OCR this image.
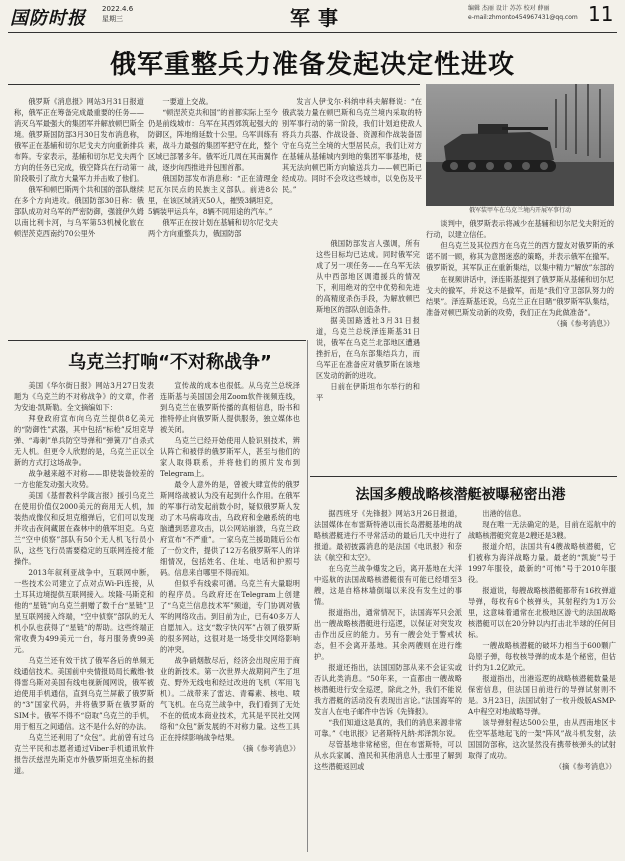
国防时报 2022.4.6
星期三	军事	编辑 杰丽 设计 苏苏 校对 薛丽
e-mail:zhmonto454967431@qq.com 11
俄军重整兵力准备发起决定性进攻

俄罗斯《消息报》网站3月31日报道称，俄军正在筹备完成最重要的任务——消灭乌军最强大的集团军并解放顿巴斯全境。俄罗斯国防部3月30日发布消息称，俄军正在基辅和切尔尼戈夫方向重新排兵布阵。专家表示，基辅和切尔尼戈夫两个方向的任务已完成，俄空降兵在行动第一阶段吸引了敌方大量军力并击败了他们。

俄军和顿巴斯两个共和国的部队继续在多个方向进攻。俄国防部30日称：俄部队成功对乌军的严密防御，强渡伊久姆以南比利卡河，与乌军第53机械化旅在顿涅茨克西南约70公里外

一要道上交战。

“顿涅茨克共和国”的首都实际上至今仍是前线城市：乌军在其西郊筑起强大的防御区，阵地绵延数十公里。乌军训练有素，战斗力最强的集团军把守在此，整个区域已部署多年。俄军近几周在其南翼作战，逐步向西推进并包围首都。

俄国防部发布消息称：“正在清理金尼瓦尔民点的民族主义部队。前进8公里，在该区域消灭50人，摧毁3辆坦克，5辆装甲运兵车，8辆不同用途的汽车。”

俄军正在按计划在基辅和切尔尼戈夫两个方向重整兵力，俄国防部

发言人伊戈尔·科纳申科夫解释说：“在俄武装力量在顿巴斯和乌克兰境内采取的特别军事行动的第一阶段，我们计划迫使敌人将兵力兵器、作战设备、资源和作战装备固守在乌克兰全境的大型居民点，我们让对方在基辅从基辅城内到地的集团军事基地，使其无法向顿巴斯方向输送兵力——顿巴斯已经成功。同时不会攻这些城市，以免伤及平民。”

俄军装甲车在乌克兰境内开展军事行动

谈判中，俄罗斯表示将减少在基辅和切尔尼戈夫附近的行动，以建立信任。

但乌克兰及其位西方在乌克兰的西方盟友对俄罗斯的承诺不屑一顾，称其为意图迷惑的策略，并表示俄军在撤军。俄罗斯说，其军队正在重新集结，以集中精力“解放”东部的

俄国防部发言人强调，所有这些目标均已达成。同时俄军完成了另一项任务——在乌军无法从中西部地区调遣援兵的情况下，利用绝对的空中优势和先进的高精度杀伤手段，为解放顿巴斯地区的部队创造条件。

据美国路透社3月31日报道，乌克兰总统泽连斯基31日说，俄军在乌克兰北部地区遭遇挫折后，在乌东部集结兵力，而乌军正在准备应对俄罗斯在该地区发动的新的进攻。

日前在伊斯坦布尔举行的和平

在视频讲话中，泽连斯基提到了俄罗斯从基辅和切尔尼戈夫的撤军，并说这不是撤军，而是“我们守卫部队努力的结果”。泽连斯基还说，乌克兰正在目睹“俄罗斯军队集结，准备对顿巴斯发动新的攻势，我们正在为此做准备”。

（摘《参考消息》）

乌克兰打响“不对称战争”

美国《华尔街日报》网站3月27日发表题为《乌克兰的不对称战争》的文章，作者为安迪·凯斯勒。全文摘编如下：

拜登政府宣布向乌克兰提供8亿美元的“防御性”武器，其中包括“标枪”反坦克导弹、“毒刺”单兵防空导弹和“弹簧刀”自杀式无人机。但更令人欣慰的是，乌克兰正以全新的方式打这场战争。

战争越来越不对称——即使装备较差的一方也能发动强大攻势。

美国《基督教科学箴言报》援引乌克兰在使用价值仅2000美元的商用无人机，加装热成像仪和反坦克榴弹后，它们可以发现并攻击夜间藏匿在森林中的俄军坦克。乌克兰“空中侦察”部队有50个无人机飞行员小队，这些飞行员需要稳定的互联网连接才能操作。

2013年叙利亚战争中，互联网中断，一些技术公司建立了点对点Wi-Fi连接，从土耳其边境提供互联网接入。埃隆·马斯克和他的“星链”向乌克兰捐赠了数千台“星链”卫星互联网接入终端，“空中侦察”部队的无人机小队也获得了“星链”的帮助。这些终端正常收费为499美元一台，每月服务费99美元。

乌克兰还有效干扰了俄军各后的单频无线通信技术。美国前中央情报局局长戴维·彼得雷乌斯对美国有线电视新闻网说，俄军被迫使用手机通信，直到乌克兰屏蔽了俄罗斯的“3”国家代码，并将俄罗斯在俄罗斯的SIM卡。俄军不得不“窃取”乌克兰的手机，用于相互之间通信。这不是什么好的办法。

乌克兰还利用了“众包”。此前曾有过乌克兰平民和志愿者通过Viber手机通讯软件报告沃兹涅先斯克市外俄罗斯坦克坐标的报道。

宣传战的成本也很低。从乌克兰总统泽连斯基与美国国会用Zoom软件视频连线，到乌克兰在俄罗斯传播的真相信息，盼书和推特停止向俄罗斯人提供服务，独立媒体也被关闭。

乌克兰已经开始使用人脸识别技术，辨认阵亡和被俘的俄罗斯军人，甚至与他们的家人取得联系，并将他们的照片发布到Telegram上。

最令人意外的是，曾被大肆宣传的俄罗斯网络战被认为没有起到什么作用。在俄军的军事行动发起前数小时，疑似俄罗斯人发动了木马病毒攻击，乌政府和金融系统的电脑遭到恶意攻击，以公网站崩溃，乌克兰政府宣布“不严重”。一家乌克兰援助随后公布了一份文件，提供了12万名俄罗斯军人的详细情况，包括姓名、住址、电话和护照号码。信息来自哪里不得而知。

但似乎有线索可循。乌克兰有大量聪明的程序员。乌政府还在Telegram上创建了“乌克兰信息技术军”频道，专门协调对俄军的网络攻击。到目前为止，已有40多万人自愿加入。这支“数字快闪军”占领了俄罗斯的很多网站，这很对是一场受非交网络影响的冲突。

战争硝烟散尽后，经济会出现应用于商业的新技术。第一次世界大战期间产生了坦克、野外无线电和经过改进的飞机（军用飞机）。二战带来了雷达、青霉素、核电、喷气飞机。在乌克兰战争中，我们看到了无处不在的低成本商业技术，尤其是平民社交网络和“众包”新发展的不对称力量。这些工具正在持续影响战争结果。

（摘《参考消息》）

法国多艘战略核潜艇被曝秘密出港

据西班牙《先锋报》网站3月26日报道，法国媒体在布雷斯特港以南长岛潜艇基地的战略核潜艇进行不寻常活动的最后几天中进行了报道。最初披露消息的是法国《电讯报》和奈法《航空和太空》。

在乌克兰战争爆发之后，离开基地在大洋中巡航的法国战略核潜艇很有可能已经增至3艘，这是自格林墙倒塌以来没有发生过的事情。

报道指出，通常情况下，法国海军只会派出一艘战略核潜艇进行巡逻，以保证对突发攻击作出反应的能力。另有一艘会处于警戒状态，但不会离开基地。其余两艘则在进行维护。

报道还指出，法国国防部从来不会证实或否认此类消息。“50年来，一直都由一艘战略核潜艇进行安全巡逻，除此之外，我们不能说我方潜艇的活动没有表现出言论。”法国海军的发言人在电子邮件中告诉《先锋报》。

“我们知道这是真的，我们的消息来源非常可靠。”《电讯报》记者斯特凡纳·邦泽凯尔说。

尽管基地非常秘密，但在布雷斯特，可以从水兵家属、渔民和其他消息人士那里了解到这些潜艇返回或

出港的信息。

现在唯一无法确定的是，目前在巡航中的战略核潜艇究竟是2艘还是3艘。

报道介绍，法国共有4艘战略核潜艇，它们被称为海洋战略力量。最老的“凯旋”号于1997年服役，最新的“可怖”号于2010年服役。

报道说，每艘战略核潜艇都带有16枚弹道导弹，每枚有6个核弹头，其射程约为1万公里，这意味着通常在北极地区游弋的法国战略核潜艇可以在20分钟以内打击北半球的任何目标。

一艘战略核潜艇的破坏力相当于600颗广岛原子弹，每枚核导弹的成本是个秘密，但估计约为1.2亿欧元。

报道指出，出港巡逻的战略核潜艇数量是保密信息，但法国日前进行的导弹试射则不是。3月23日，法国试射了一枚升级版ASMP-A中程空对地战略导弹。

该导弹射程达500公里，由从西南地区卡佐空军基地起飞的一架“阵风”战斗机发射，法国国防部称，这次显然没有携带核弹头的试射取得了成功。

（摘《参考消息》）
